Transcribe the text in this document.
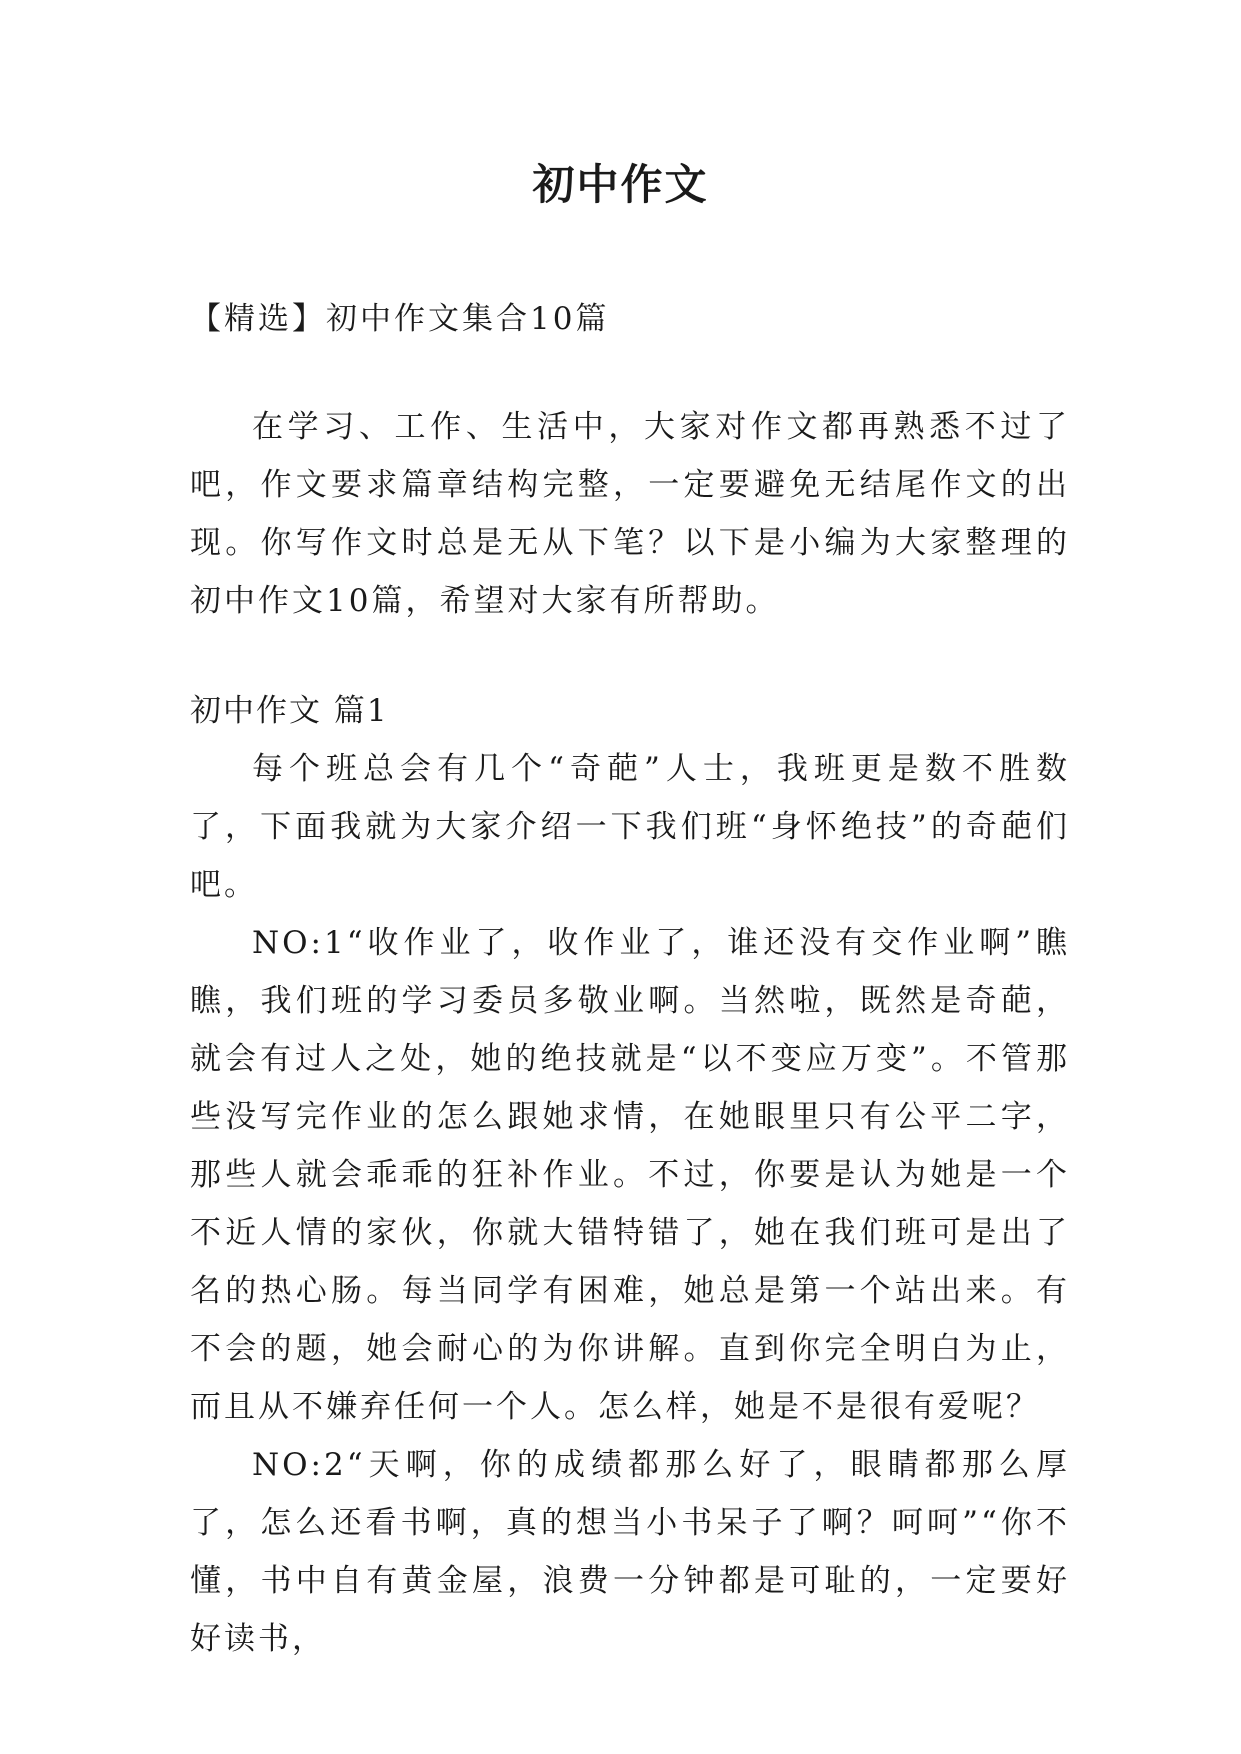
初中作文

【精选】初中作文集合10篇

在学习、工作、生活中，大家对作文都再熟悉不过了吧，作文要求篇章结构完整，一定要避免无结尾作文的出现。你写作文时总是无从下笔？以下是小编为大家整理的初中作文10篇，希望对大家有所帮助。

初中作文 篇1

每个班总会有几个“奇葩”人士，我班更是数不胜数了，下面我就为大家介绍一下我们班“身怀绝技”的奇葩们吧。

NO:1“收作业了，收作业了，谁还没有交作业啊”瞧瞧，我们班的学习委员多敬业啊。当然啦，既然是奇葩，就会有过人之处，她的绝技就是“以不变应万变”。不管那些没写完作业的怎么跟她求情，在她眼里只有公平二字，那些人就会乖乖的狂补作业。不过，你要是认为她是一个不近人情的家伙，你就大错特错了，她在我们班可是出了名的热心肠。每当同学有困难，她总是第一个站出来。有不会的题，她会耐心的为你讲解。直到你完全明白为止，而且从不嫌弃任何一个人。怎么样，她是不是很有爱呢？

NO:2“天啊，你的成绩都那么好了，眼睛都那么厚了，怎么还看书啊，真的想当小书呆子了啊？呵呵”“你不懂，书中自有黄金屋，浪费一分钟都是可耻的，一定要好好读书，
